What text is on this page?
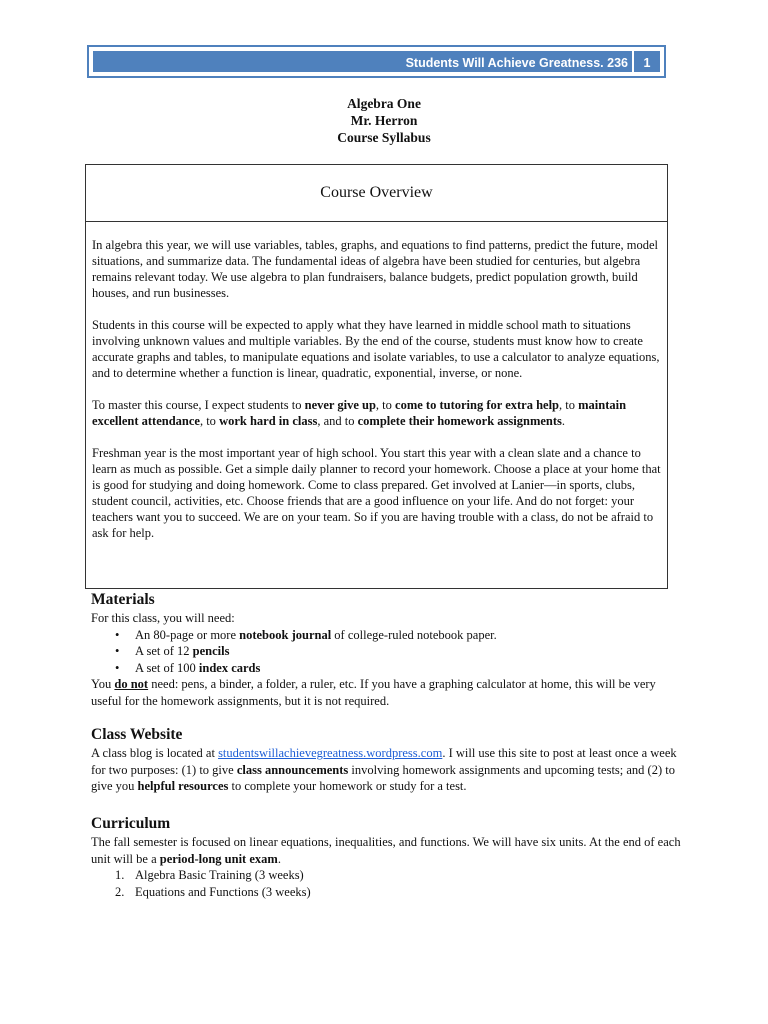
Students Will Achieve Greatness. 236	1
Algebra One
Mr. Herron
Course Syllabus
Course Overview

In algebra this year, we will use variables, tables, graphs, and equations to find patterns, predict the future, model situations, and summarize data. The fundamental ideas of algebra have been studied for centuries, but algebra remains relevant today. We use algebra to plan fundraisers, balance budgets, predict population growth, build houses, and run businesses.

Students in this course will be expected to apply what they have learned in middle school math to situations involving unknown values and multiple variables. By the end of the course, students must know how to create accurate graphs and tables, to manipulate equations and isolate variables, to use a calculator to analyze equations, and to determine whether a function is linear, quadratic, exponential, inverse, or none.

To master this course, I expect students to never give up, to come to tutoring for extra help, to maintain excellent attendance, to work hard in class, and to complete their homework assignments.

Freshman year is the most important year of high school. You start this year with a clean slate and a chance to learn as much as possible. Get a simple daily planner to record your homework. Choose a place at your home that is good for studying and doing homework. Come to class prepared. Get involved at Lanier—in sports, clubs, student council, activities, etc. Choose friends that are a good influence on your life. And do not forget: your teachers want you to succeed. We are on your team. So if you are having trouble with a class, do not be afraid to ask for help.

Materials

For this class, you will need:

• An 80-page or more notebook journal of college-ruled notebook paper.
• A set of 12 pencils
• A set of 100 index cards

You do not need: pens, a binder, a folder, a ruler, etc. If you have a graphing calculator at home, this will be very useful for the homework assignments, but it is not required.

Class Website

A class blog is located at studentswillachievegreatness.wordpress.com. I will use this site to post at least once a week for two purposes: (1) to give class announcements involving homework assignments and upcoming tests; and (2) to give you helpful resources to complete your homework or study for a test.

Curriculum

The fall semester is focused on linear equations, inequalities, and functions. We will have six units. At the end of each unit will be a period-long unit exam.

1. Algebra Basic Training (3 weeks)
2. Equations and Functions (3 weeks)
